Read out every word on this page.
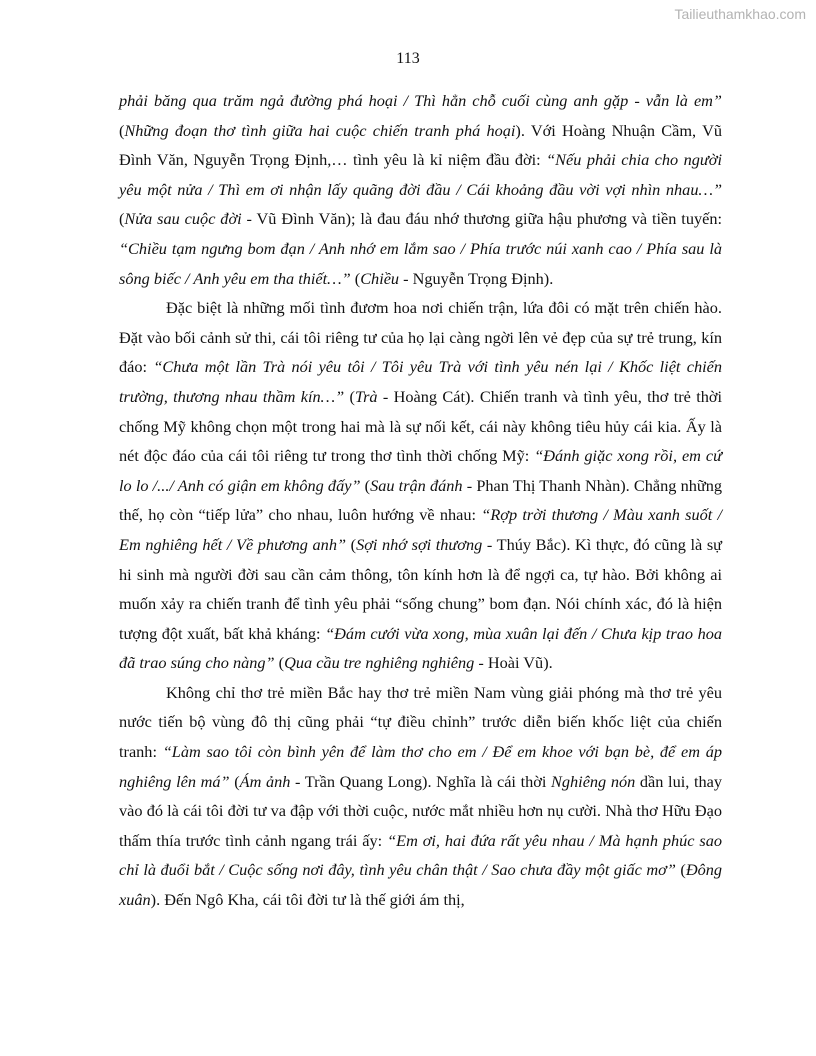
Tailieuthamkhao.com
113

phải băng qua trăm ngả đường phá hoại / Thì hẳn chỗ cuối cùng anh gặp - vẫn là em” (Những đoạn thơ tình giữa hai cuộc chiến tranh phá hoại). Với Hoàng Nhuận Cầm, Vũ Đình Văn, Nguyễn Trọng Định,… tình yêu là kỉ niệm đầu đời: “Nếu phải chia cho người yêu một nửa / Thì em ơi nhận lấy quãng đời đầu / Cái khoảng đầu vời vợi nhìn nhau…” (Nửa sau cuộc đời - Vũ Đình Văn); là đau đáu nhớ thương giữa hậu phương và tiền tuyến: “Chiều tạm ngưng bom đạn / Anh nhớ em lắm sao / Phía trước núi xanh cao / Phía sau là sông biếc / Anh yêu em tha thiết…” (Chiều - Nguyễn Trọng Định).

Đặc biệt là những mối tình đươm hoa nơi chiến trận, lứa đôi có mặt trên chiến hào. Đặt vào bối cảnh sử thi, cái tôi riêng tư của họ lại càng ngời lên vẻ đẹp của sự trẻ trung, kín đáo: “Chưa một lần Trà nói yêu tôi / Tôi yêu Trà với tình yêu nén lại / Khốc liệt chiến trường, thương nhau thầm kín…” (Trà - Hoàng Cát). Chiến tranh và tình yêu, thơ trẻ thời chống Mỹ không chọn một trong hai mà là sự nối kết, cái này không tiêu hủy cái kia. Ấy là nét độc đáo của cái tôi riêng tư trong thơ tình thời chống Mỹ: “Đánh giặc xong rồi, em cứ lo lo /.../ Anh có giận em không đấy” (Sau trận đánh - Phan Thị Thanh Nhàn). Chẳng những thế, họ còn “tiếp lửa” cho nhau, luôn hướng về nhau: “Rợp trời thương / Màu xanh suốt / Em nghiêng hết / Về phương anh” (Sợi nhớ sợi thương - Thúy Bắc). Kì thực, đó cũng là sự hi sinh mà người đời sau cần cảm thông, tôn kính hơn là để ngợi ca, tự hào. Bởi không ai muốn xảy ra chiến tranh để tình yêu phải “sống chung” bom đạn. Nói chính xác, đó là hiện tượng đột xuất, bất khả kháng: “Đám cưới vừa xong, mùa xuân lại đến / Chưa kịp trao hoa đã trao súng cho nàng” (Qua cầu tre nghiêng nghiêng - Hoài Vũ).

Không chỉ thơ trẻ miền Bắc hay thơ trẻ miền Nam vùng giải phóng mà thơ trẻ yêu nước tiến bộ vùng đô thị cũng phải “tự điều chỉnh” trước diễn biến khốc liệt của chiến tranh: “Làm sao tôi còn bình yên để làm thơ cho em / Để em khoe với bạn bè, để em áp nghiêng lên má” (Ám ảnh - Trần Quang Long). Nghĩa là cái thời Nghiêng nón dần lui, thay vào đó là cái tôi đời tư va đập với thời cuộc, nước mắt nhiều hơn nụ cười. Nhà thơ Hữu Đạo thấm thía trước tình cảnh ngang trái ấy: “Em ơi, hai đứa rất yêu nhau / Mà hạnh phúc sao chỉ là đuổi bắt / Cuộc sống nơi đây, tình yêu chân thật / Sao chưa đầy một giấc mơ” (Đông xuân). Đến Ngô Kha, cái tôi đời tư là thế giới ám thị,
